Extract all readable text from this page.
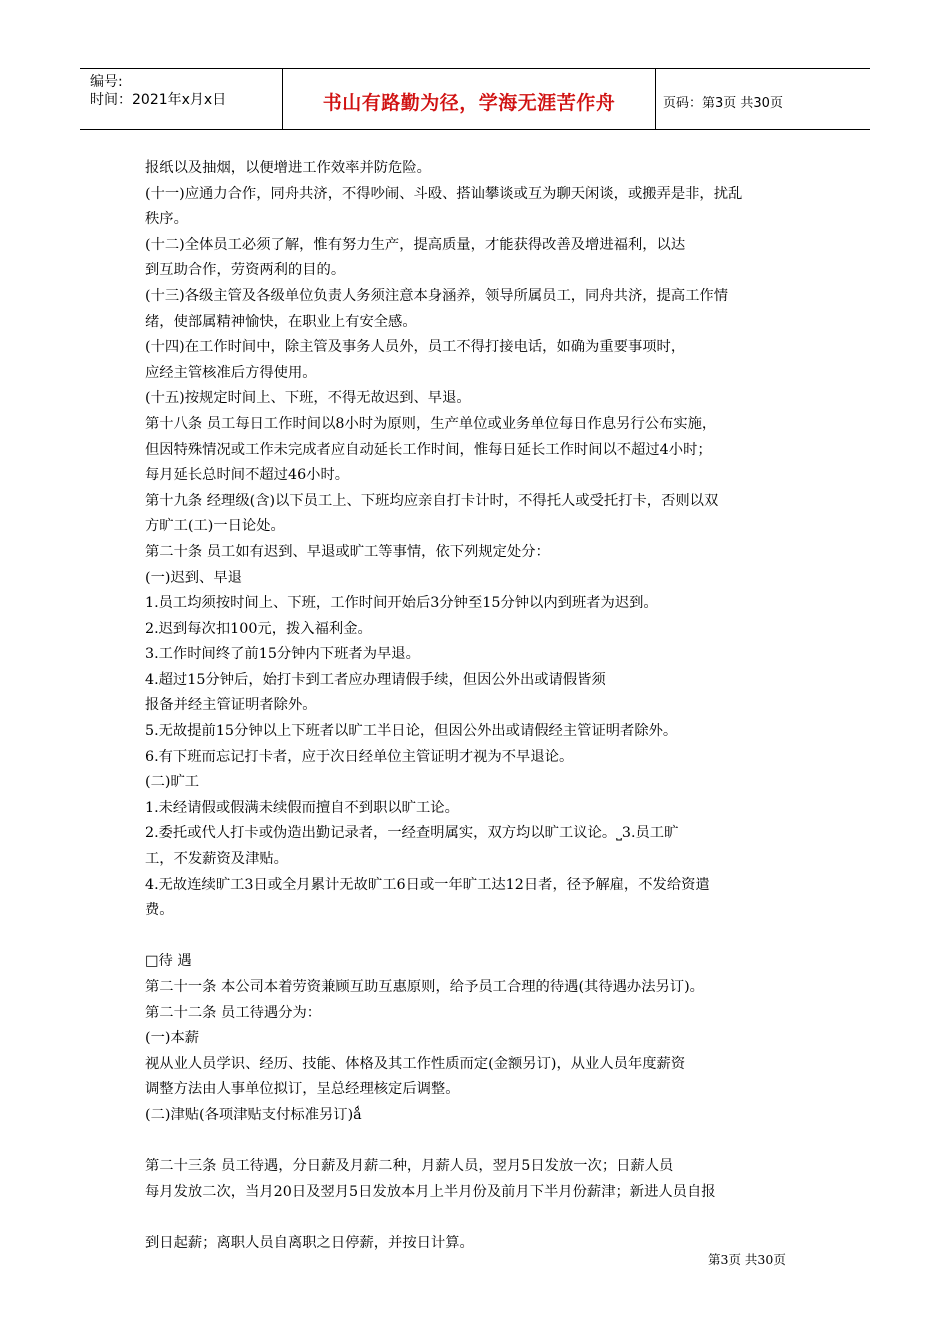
编号:
时间：2021年x月x日	书山有路勤为径，学海无涯苦作舟	页码：第3页 共30页
报纸以及抽烟，以便增进工作效率并防危险。
(十一)应通力合作，同舟共济，不得吵闹、斗殴、搭讪攀谈或互为聊天闲谈，或搬弄是非，扰乱
秩序。
(十二)全体员工必须了解，惟有努力生产，提高质量，才能获得改善及增进福利，以达
到互助合作，劳资两利的目的。
(十三)各级主管及各级单位负责人务须注意本身涵养，领导所属员工，同舟共济，提高工作情
绪，使部属精神愉快，在职业上有安全感。
(十四)在工作时间中，除主管及事务人员外，员工不得打接电话，如确为重要事项时，
应经主管核准后方得使用。
(十五)按规定时间上、下班，不得无故迟到、早退。
第十八条 员工每日工作时间以8小时为原则，生产单位或业务单位每日作息另行公布实施，
但因特殊情况或工作未完成者应自动延长工作时间，惟每日延长工作时间以不超过4小时；
每月延长总时间不超过46小时。
第十九条 经理级(含)以下员工上、下班均应亲自打卡计时，不得托人或受托打卡，否则以双
方旷工(工)一日论处。
第二十条 员工如有迟到、早退或旷工等事情，依下列规定处分：
(一)迟到、早退
1.员工均须按时间上、下班，工作时间开始后3分钟至15分钟以内到班者为迟到。
2.迟到每次扣100元，拨入福利金。
3.工作时间终了前15分钟内下班者为早退。
4.超过15分钟后，始打卡到工者应办理请假手续，但因公外出或请假皆须
报备并经主管证明者除外。
5.无故提前15分钟以上下班者以旷工半日论，但因公外出或请假经主管证明者除外。
6.有下班而忘记打卡者，应于次日经单位主管证明才视为不早退论。
(二)旷工
1.未经请假或假满未续假而擅自不到职以旷工论。
2.委托或代人打卡或伪造出勤记录者，一经查明属实，双方均以旷工议论。⎵3.员工旷
工，不发薪资及津贴。
4.无故连续旷工3日或全月累计无故旷工6日或一年旷工达12日者，径予解雇，不发给资遣
费。
□待 遇
第二十一条 本公司本着劳资兼顾互助互惠原则，给予员工合理的待遇(其待遇办法另订)。
第二十二条 员工待遇分为：
(一)本薪
视从业人员学识、经历、技能、体格及其工作性质而定(金额另订)，从业人员年度薪资
调整方法由人事单位拟订，呈总经理核定后调整。
(二)津贴(各项津贴支付标准另订)ǻ
第二十三条 员工待遇，分日薪及月薪二种，月薪人员，翌月5日发放一次；日薪人员
每月发放二次，当月20日及翌月5日发放本月上半月份及前月下半月份薪津；新进人员自报
到日起薪；离职人员自离职之日停薪，并按日计算。
第3页 共30页
